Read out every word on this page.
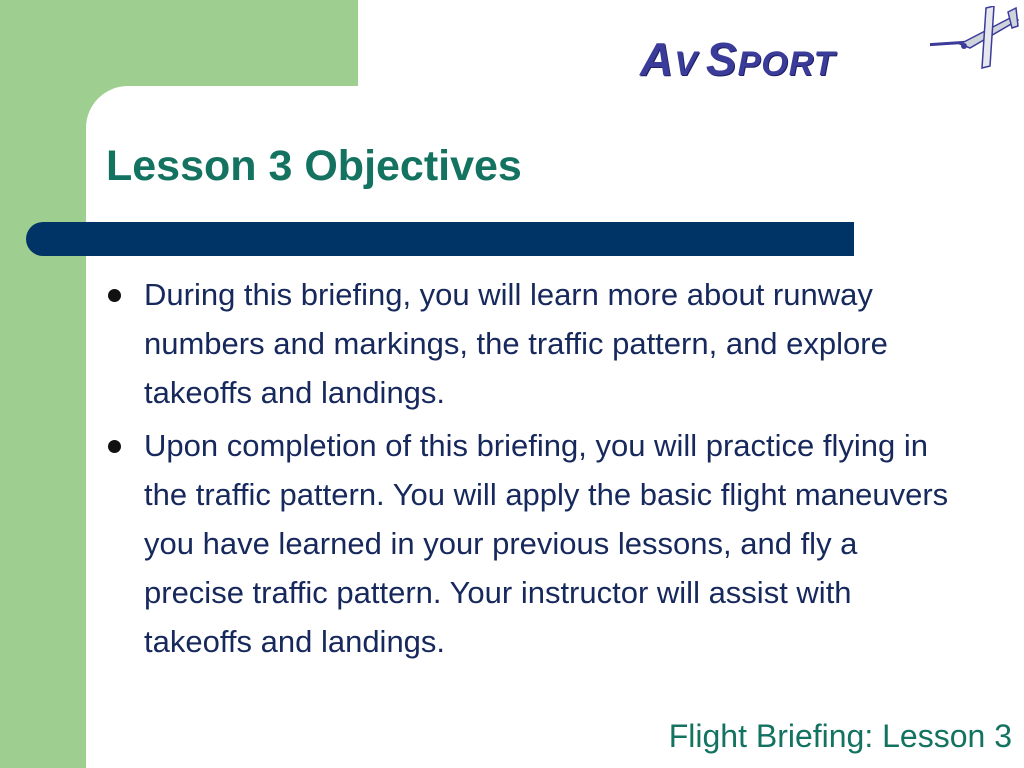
AV SPORT
Lesson 3 Objectives
During this briefing, you will learn more about runway numbers and markings, the traffic pattern, and explore takeoffs and landings.
Upon completion of this briefing, you will practice flying in the traffic pattern. You will apply the basic flight maneuvers you have learned in your previous lessons, and fly a precise traffic pattern. Your instructor will assist with takeoffs and landings.
Flight Briefing: Lesson 3
